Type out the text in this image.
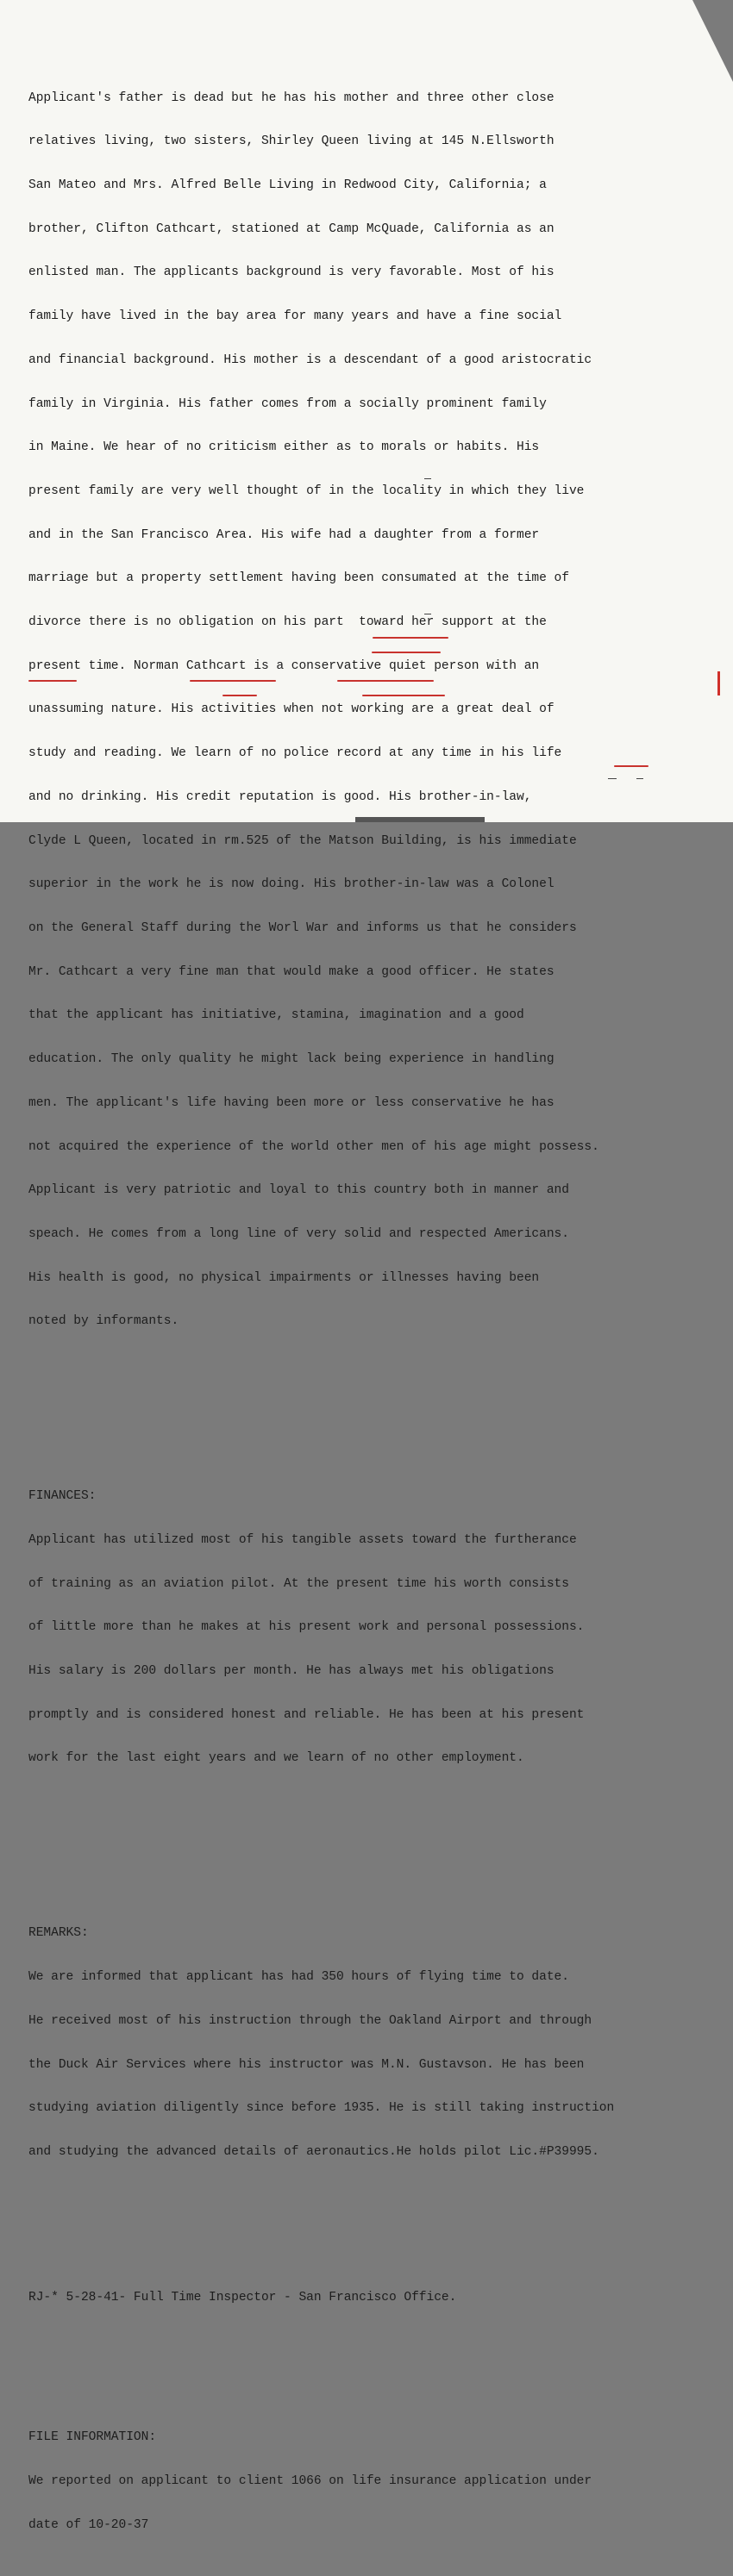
Applicant's father is dead but he has his mother and three other close

relatives living, two sisters, Shirley Queen living at 145 N.Ellsworth

San Mateo and Mrs. Alfred Belle Living in Redwood City, California; a

brother, Clifton Cathcart, stationed at Camp McQuade, California as an

enlisted man. The applicants background is very favorable. Most of his

family have lived in the bay area for many years and have a fine social

and financial background. His mother is a descendant of a good aristocratic

family in Virginia. His father comes from a socially prominent family

in Maine. We hear of no criticism either as to morals or habits. His

present family are very well thought of in the locality in which they live

and in the San Francisco Area. His wife had a daughter from a former

marriage but a property settlement having been consumated at the time of

divorce there is no obligation on his part  toward her support at the

present time. Norman Cathcart is a conservative quiet person with an

unassuming nature. His activities when not working are a great deal of

study and reading. We learn of no police record at any time in his life

and no drinking. His credit reputation is good. His brother-in-law,

Clyde L Queen, located in rm.525 of the Matson Building, is his immediate

superior in the work he is now doing. His brother-in-law was a Colonel

on the General Staff during the Worl War and informs us that he considers

Mr. Cathcart a very fine man that would make a good officer. He states

that the applicant has initiative, stamina, imagination and a good

education. The only quality he might lack being experience in handling

men. The applicant's life having been more or less conservative he has

not acquired the experience of the world other men of his age might possess.

Applicant is very patriotic and loyal to this country both in manner and

speach. He comes from a long line of very solid and respected Americans.

His health is good, no physical impairments or illnesses having been

noted by informants.

FINANCES:

Applicant has utilized most of his tangible assets toward the furtherance

of training as an aviation pilot. At the present time his worth consists

of little more than he makes at his present work and personal possessions.

His salary is 200 dollars per month. He has always met his obligations

promptly and is considered honest and reliable. He has been at his present

work for the last eight years and we learn of no other employment.

REMARKS:

We are informed that applicant has had 350 hours of flying time to date.

He received most of his instruction through the Oakland Airport and through

the Duck Air Services where his instructor was M.N. Gustavson. He has been

studying aviation diligently since before 1935. He is still taking instruction

and studying the advanced details of aeronautics.He holds pilot Lic.#P39995.

RJ-* 5-28-41- Full Time Inspector - San Francisco Office.

FILE INFORMATION:

We reported on applicant to client 1066 on life insurance application under

date of 10-20-37
